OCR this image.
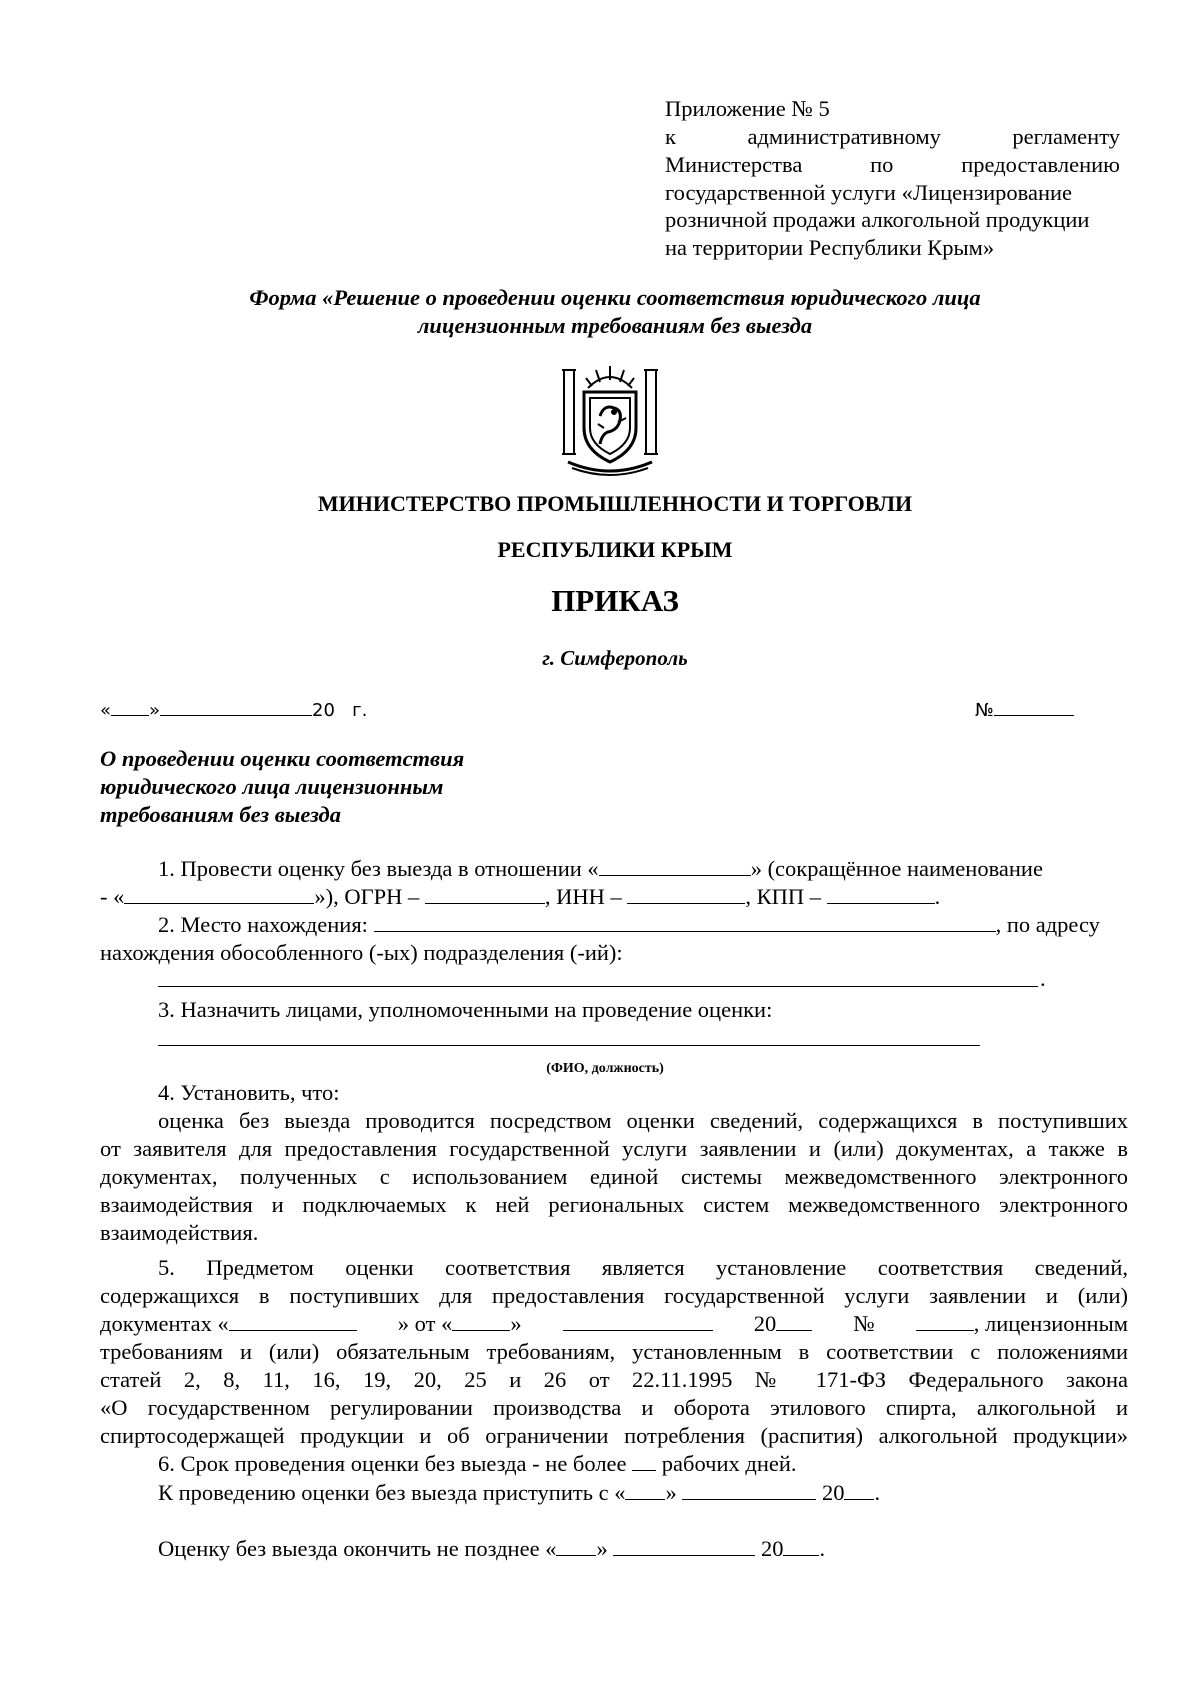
Приложение № 5
к административному регламенту
Министерства по предоставлению
государственной услуги «Лицензирование
розничной продажи алкогольной продукции
на территории Республики Крым»
Форма «Решение о проведении оценки соответствия юридического лица
лицензионным требованиям без выезда
МИНИСТЕРСТВО ПРОМЫШЛЕННОСТИ И ТОРГОВЛИ
РЕСПУБЛИКИ КРЫМ
ПРИКАЗ
г. Симферополь
« »	20 г.	№
О проведении оценки соответствия
юридического лица лицензионным
требованиям без выезда
1. Провести оценку без выезда в отношении «	» (сокращённое наименование
- «	»), ОГРН –	, ИНН –	, КПП –	.
2. Место нахождения:	, по адресу
нахождения обособленного (-ых) подразделения (-ий):
.
3. Назначить лицами, уполномоченными на проведение оценки:
(ФИО, должность)
4. Установить, что:
оценка без выезда проводится посредством оценки сведений, содержащихся в поступивших
от заявителя для предоставления государственной услуги заявлении и (или) документах, а также в
документах, полученных с использованием единой системы межведомственного электронного
взаимодействия и подключаемых к ней региональных систем межведомственного электронного
взаимодействия.
5. Предметом оценки соответствия является установление соответствия сведений,
содержащихся в поступивших для предоставления государственной услуги заявлении и (или)
документах «	» от «	»	20	№	, лицензионным
требованиям и (или) обязательным требованиям, установленным в соответствии с положениями
статей 2, 8, 11, 16, 19, 20, 25 и 26 от 22.11.1995 № 171-ФЗ Федерального закона
«О государственном регулировании производства и оборота этилового спирта, алкогольной и
спиртосодержащей продукции и об ограничении потребления (распития) алкогольной продукции»
6. Срок проведения оценки без выезда - не более рабочих дней.
К проведению оценки без выезда приступить с « »	20 .
Оценку без выезда окончить не позднее « »	20 .
